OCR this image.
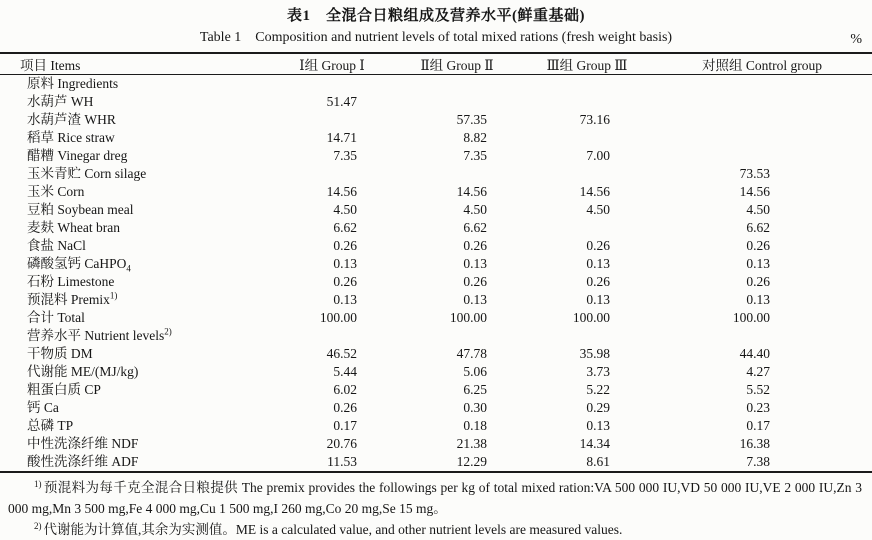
表1　全混合日粮组成及营养水平(鲜重基础)
Table 1　Composition and nutrient levels of total mixed rations (fresh weight basis)	%
项目 Items	Ⅰ组 Group Ⅰ	Ⅱ组 Group Ⅱ	Ⅲ组 Group Ⅲ	对照组 Control group
原料 Ingredients				
水葫芦 WH	51.47			
水葫芦渣 WHR		57.35	73.16	
稻草 Rice straw	14.71	8.82		
醋糟 Vinegar dreg	7.35	7.35	7.00	
玉米青贮 Corn silage				73.53
玉米 Corn	14.56	14.56	14.56	14.56
豆粕 Soybean meal	4.50	4.50	4.50	4.50
麦麸 Wheat bran	6.62	6.62		6.62
食盐 NaCl	0.26	0.26	0.26	0.26
磷酸氢钙 CaHPO$_4$	0.13	0.13	0.13	0.13
石粉 Limestone	0.26	0.26	0.26	0.26
预混料 Premix$^{1)}$	0.13	0.13	0.13	0.13
合计 Total	100.00	100.00	100.00	100.00
营养水平 Nutrient levels$^{2)}$				
干物质 DM	46.52	47.78	35.98	44.40
代谢能 ME/(MJ/kg)	5.44	5.06	3.73	4.27
粗蛋白质 CP	6.02	6.25	5.22	5.52
钙 Ca	0.26	0.30	0.29	0.23
总磷 TP	0.17	0.18	0.13	0.17
中性洗涤纤维 NDF	20.76	21.38	14.34	16.38
酸性洗涤纤维 ADF	11.53	12.29	8.61	7.38

$^{1)}$ 预混料为每千克全混合日粮提供 The premix provides the followings per kg of total mixed ration:VA 500 000 IU,VD 50 000 IU,VE 2 000 IU,Zn 3 000 mg,Mn 3 500 mg,Fe 4 000 mg,Cu 1 500 mg,I 260 mg,Co 20 mg,Se 15 mg。

$^{2)}$ 代谢能为计算值,其余为实测值。ME is a calculated value, and other nutrient levels are measured values.
